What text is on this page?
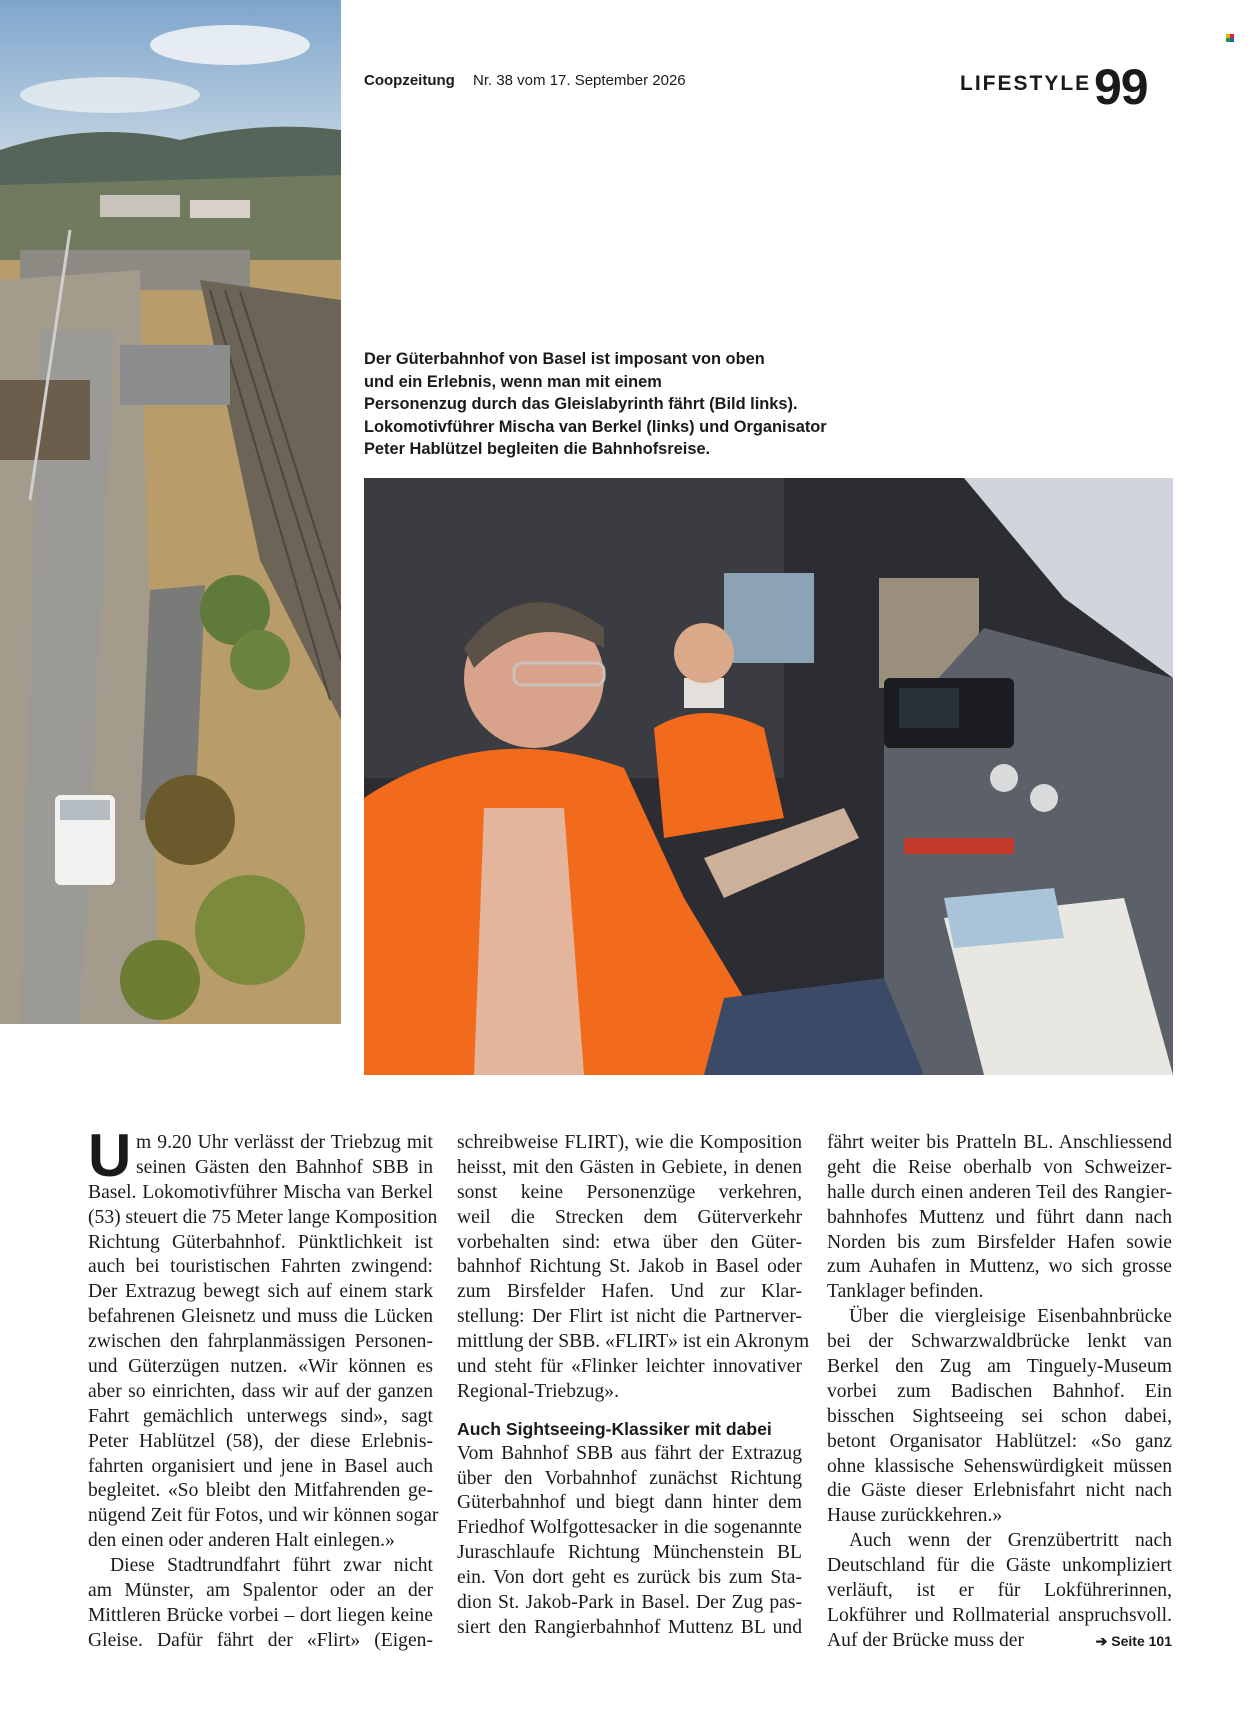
Coopzeitung Nr. 38 vom 17. September 2026	LIFESTYLE 99
Der Güterbahnhof von Basel ist imposant von oben
und ein Erlebnis, wenn man mit einem
Personenzug durch das Gleislabyrinth fährt (Bild links).
Lokomotivführer Mischa van Berkel (links) und Organisator
Peter Hablützel begleiten die Bahnhofsreise.
U m 9.20 Uhr verlässt der Triebzug mit
seinen Gästen den Bahnhof SBB in
Basel. Lokomotivführer Mischa van Berkel
(53) steuert die 75 Meter lange Komposition
Richtung Güterbahnhof. Pünktlichkeit ist
auch bei touristischen Fahrten zwingend:
Der Extrazug bewegt sich auf einem stark
befahrenen Gleisnetz und muss die Lücken
zwischen den fahrplanmässigen Personen-
und Güterzügen nutzen. «Wir können es
aber so einrichten, dass wir auf der ganzen
Fahrt gemächlich unterwegs sind», sagt
Peter Hablützel (58), der diese Erlebnis-
fahrten organisiert und jene in Basel auch
begleitet. «So bleibt den Mitfahrenden ge-
nügend Zeit für Fotos, und wir können sogar
den einen oder anderen Halt einlegen.»
Diese Stadtrundfahrt führt zwar nicht
am Münster, am Spalentor oder an der
Mittleren Brücke vorbei – dort liegen keine
Gleise. Dafür fährt der «Flirt» (Eigen-
schreibweise FLIRT), wie die Komposition
heisst, mit den Gästen in Gebiete, in denen
sonst keine Personenzüge verkehren,
weil die Strecken dem Güterverkehr
vorbehalten sind: etwa über den Güter-
bahnhof Richtung St. Jakob in Basel oder
zum Birsfelder Hafen. Und zur Klar-
stellung: Der Flirt ist nicht die Partnerver-
mittlung der SBB. «FLIRT» ist ein Akronym
und steht für «Flinker leichter innovativer
Regional-Triebzug».
Auch Sightseeing-Klassiker mit dabei
Vom Bahnhof SBB aus fährt der Extrazug
über den Vorbahnhof zunächst Richtung
Güterbahnhof und biegt dann hinter dem
Friedhof Wolfgottesacker in die sogenannte
Juraschlaufe Richtung Münchenstein BL
ein. Von dort geht es zurück bis zum Sta-
dion St. Jakob-Park in Basel. Der Zug pas-
siert den Rangierbahnhof Muttenz BL und
fährt weiter bis Pratteln BL. Anschliessend
geht die Reise oberhalb von Schweizer-
halle durch einen anderen Teil des Rangier-
bahnhofes Muttenz und führt dann nach
Norden bis zum Birsfelder Hafen sowie
zum Auhafen in Muttenz, wo sich grosse
Tanklager befinden.
Über die viergleisige Eisenbahnbrücke
bei der Schwarzwaldbrücke lenkt van
Berkel den Zug am Tinguely-Museum
vorbei zum Badischen Bahnhof. Ein
bisschen Sightseeing sei schon dabei,
betont Organisator Hablützel: «So ganz
ohne klassische Sehenswürdigkeit müssen
die Gäste dieser Erlebnisfahrt nicht nach
Hause zurückkehren.»
Auch wenn der Grenzübertritt nach
Deutschland für die Gäste unkompliziert
verläuft, ist er für Lokführerinnen,
Lokführer und Rollmaterial anspruchsvoll.
Auf der Brücke muss der	➔ Seite 101
